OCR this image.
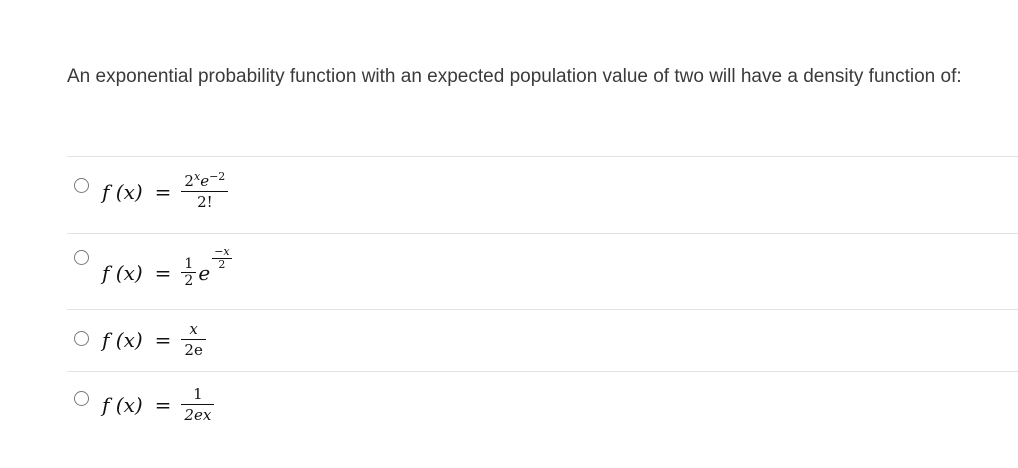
An exponential probability function with an expected population value of two will have a density function of:
f $(x) = \frac{2^xe^{-2}}{2!}$
f $(x) = \frac{1}{2}$ e
$\frac{-x}{2}$
f $(x) = \frac{x}{2e}$
f $(x) = \frac{1}{2ex}$
